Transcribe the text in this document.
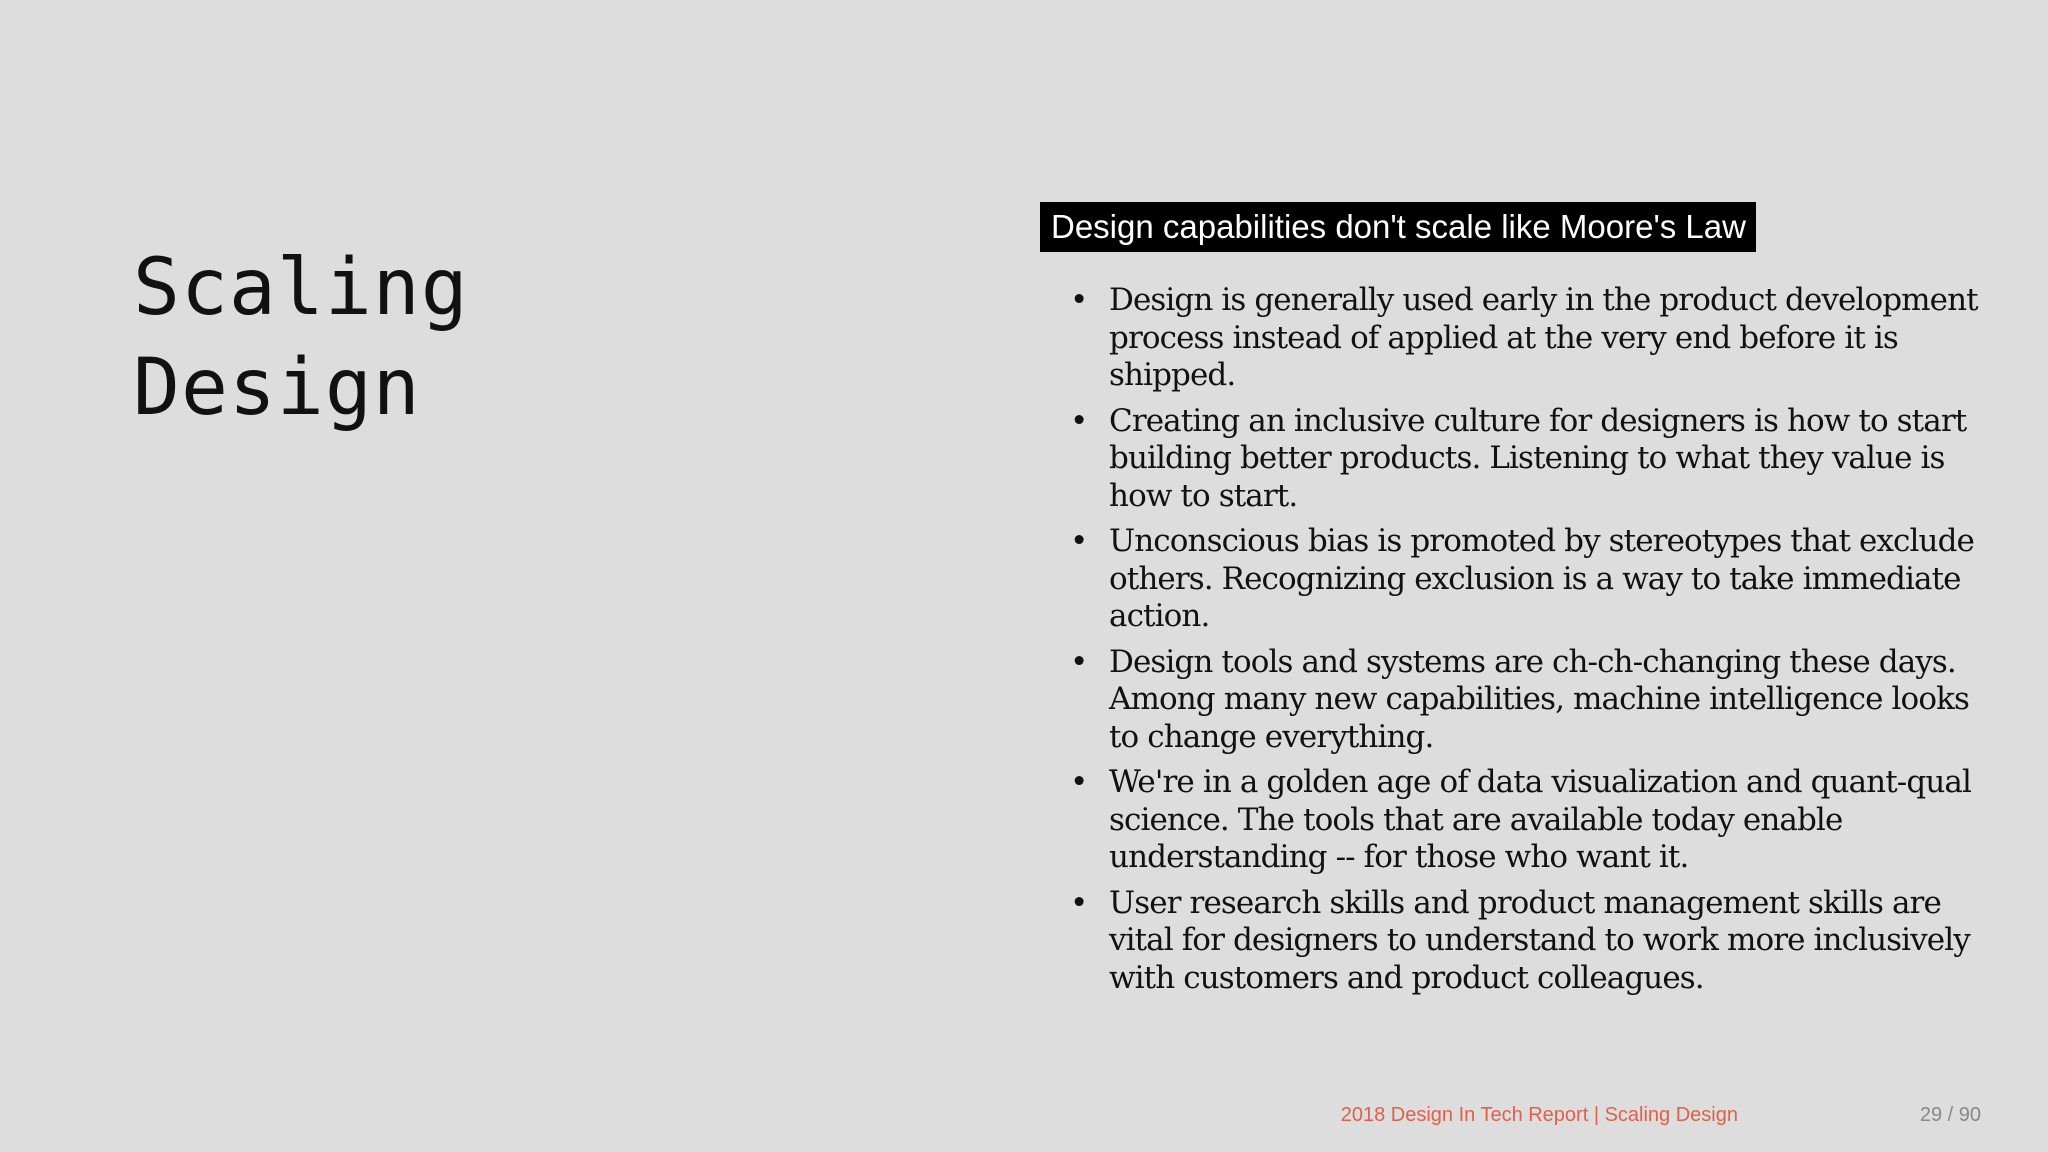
Scaling
Design
Design capabilities don't scale like Moore's Law
• Design is generally used early in the product development process instead of applied at the very end before it is shipped.
• Creating an inclusive culture for designers is how to start building better products. Listening to what they value is how to start.
• Unconscious bias is promoted by stereotypes that exclude others. Recognizing exclusion is a way to take immediate action.
• Design tools and systems are ch-ch-changing these days. Among many new capabilities, machine intelligence looks to change everything.
• We're in a golden age of data visualization and quant-qual science. The tools that are available today enable understanding -- for those who want it.
• User research skills and product management skills are vital for designers to understand to work more inclusively with customers and product colleagues.
2018 Design In Tech Report | Scaling Design	29 / 90
